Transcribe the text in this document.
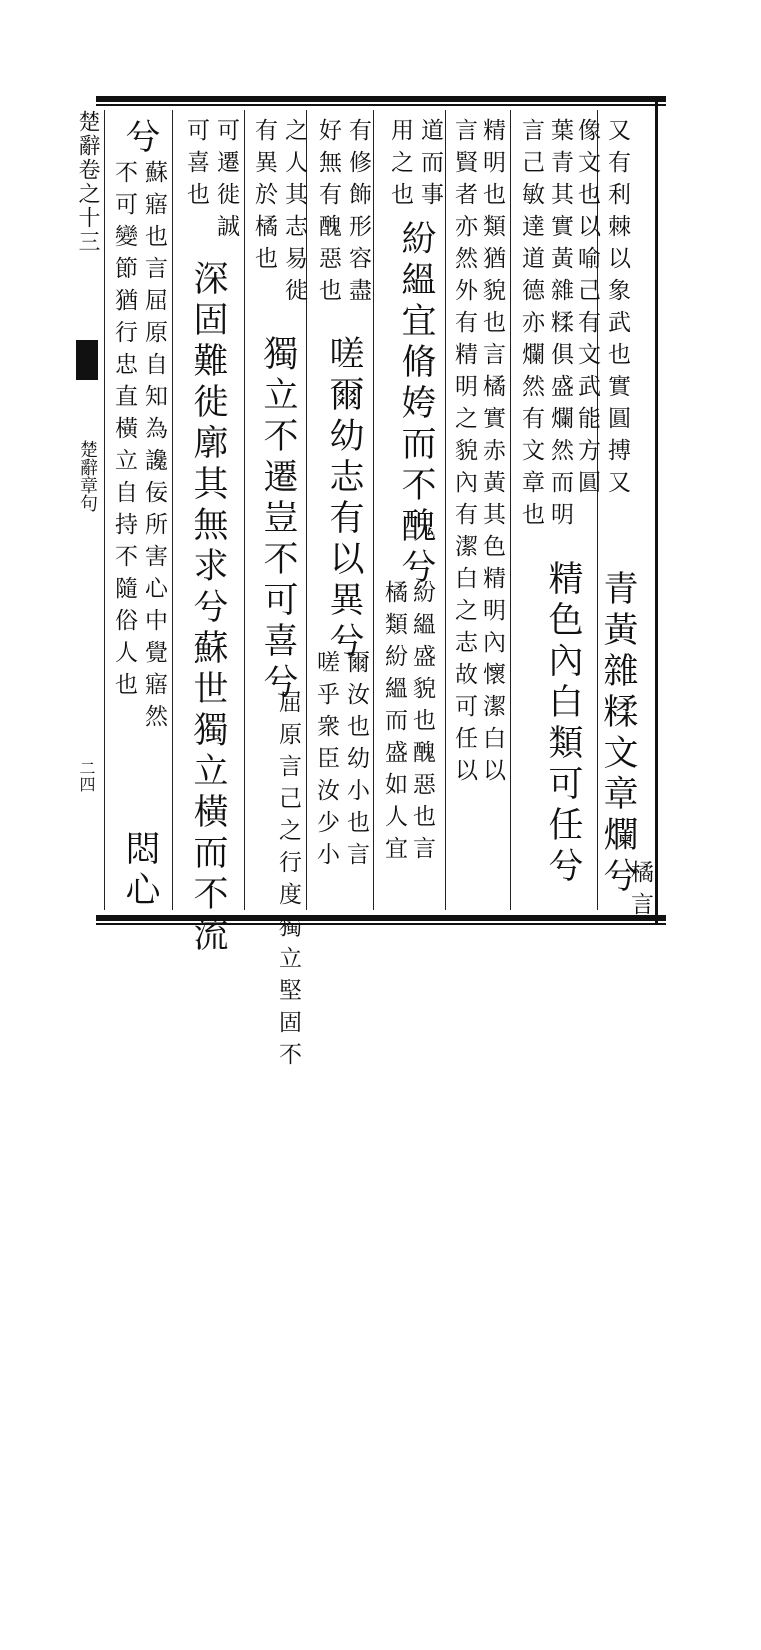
楚辭卷之十三
楚辭章句
二四
又有利棘以象武也實圓搏又
像文也以喻己有文武能方圓
葉青其實黃雜糅俱盛爛然而明
言己敏達道德亦爛然有文章也
精色內白類可任兮 青黃雜糅文章爛兮
橘言
精明也類猶貌也言橘實赤黃其色精明內懷潔白以
言賢者亦然外有精明之貌內有潔白之志故可任以
道而事
用之也
紛縕宜脩姱而不醜兮
紛縕盛貌也醜惡也言
橘類紛縕而盛如人宜
有修飾形容盡
好無有醜惡也
嗟爾幼志有以異兮
爾汝也幼小也言
嗟乎衆臣汝少小
之人其志易徙
有異於橘也
獨立不遷豈不可喜兮
屈原言己之行度獨立堅固不
可遷徙誠
可喜也
深固難徙廓其無求兮蘇世獨立橫而不流
兮
蘇寤也言屈原自知為讒佞所害心中覺寤然
不可變節猶行忠直橫立自持不隨俗人也
悶心
